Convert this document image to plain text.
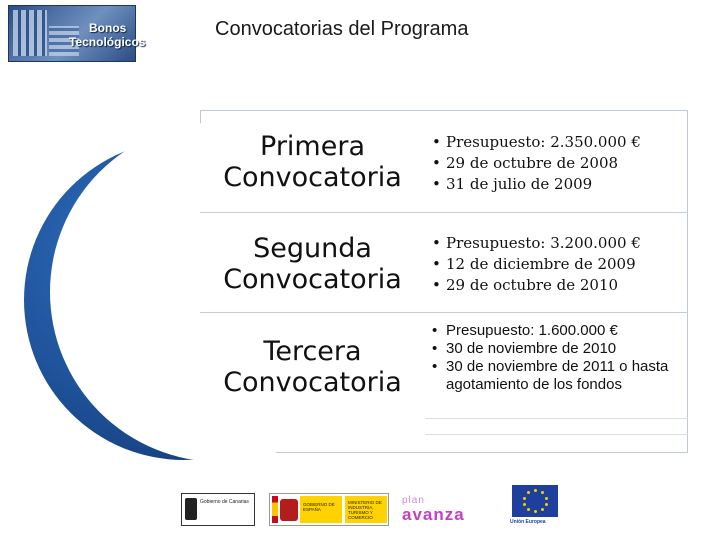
Bonos
Tecnológicos
Convocatorias del Programa
Primera
Convocatoria
• Presupuesto: 2.350.000 €
• 29 de octubre de 2008
• 31 de julio de 2009
Segunda
Convocatoria
• Presupuesto: 3.200.000 €
• 12 de diciembre de 2009
• 29 de octubre de 2010
Tercera
Convocatoria
• Presupuesto: 1.600.000 €
• 30 de noviembre de 2010
• 30 de noviembre de 2011 o hasta agotamiento de los fondos
Gobierno de Canarias	GOBIERNO DE ESPAÑA
MINISTERIO DE INDUSTRIA, TURISMO Y COMERCIO
plan
avanza	Unión Europea
